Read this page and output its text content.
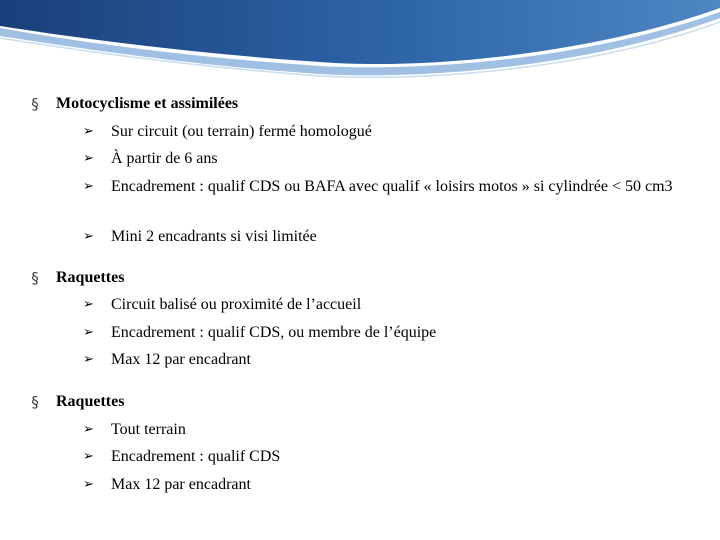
§ Motocyclisme et assimilées
➢ Sur circuit (ou terrain) fermé homologué
➢ À partir de 6 ans
➢ Encadrement : qualif CDS ou BAFA avec qualif « loisirs motos » si cylindrée < 50 cm3
➢ Mini 2 encadrants si visi limitée
§ Raquettes
➢ Circuit balisé ou proximité de l’accueil
➢ Encadrement : qualif CDS, ou membre de l’équipe
➢ Max 12 par encadrant
§ Raquettes
➢ Tout terrain
➢ Encadrement : qualif CDS
➢ Max 12 par encadrant
